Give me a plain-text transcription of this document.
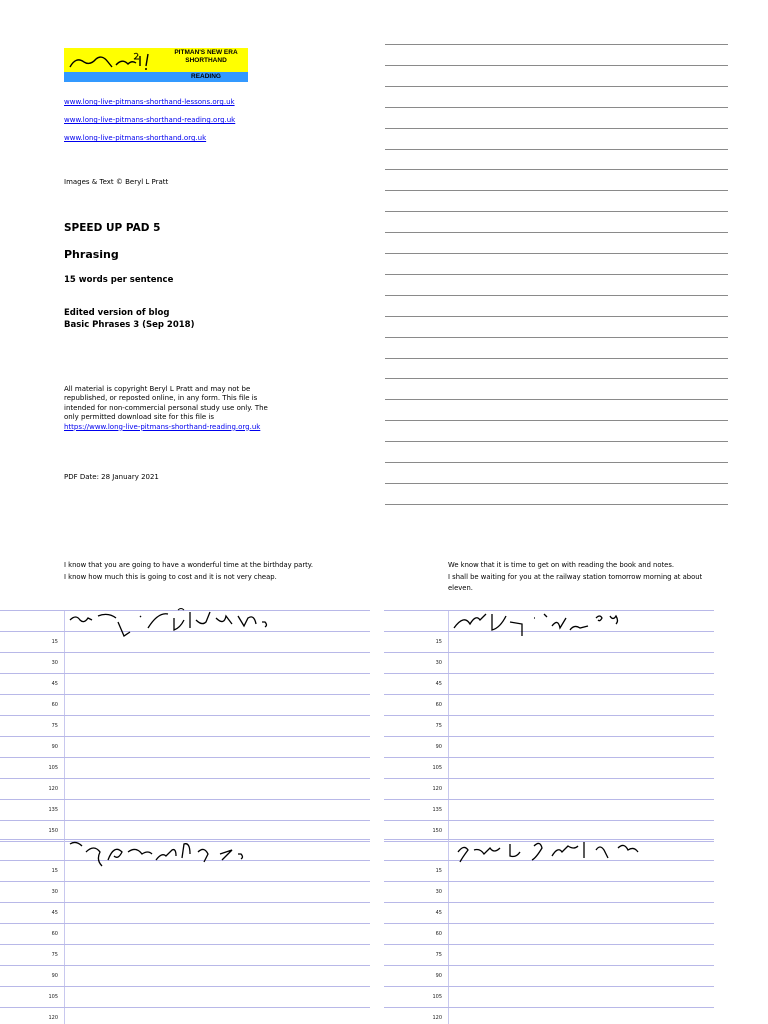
PITMAN'S NEW ERA
SHORTHAND
READING
www.long-live-pitmans-shorthand-lessons.org.uk
www.long-live-pitmans-shorthand-reading.org.uk
www.long-live-pitmans-shorthand.org.uk
Images & Text © Beryl L Pratt
SPEED UP PAD 5
Phrasing
15 words per sentence
Edited version of blog
Basic Phrases 3 (Sep 2018)
All material is copyright Beryl L Pratt and may not be
republished, or reposted online, in any form. This file is
intended for non-commercial personal study use only. The
only permitted download site for this file is
https://www.long-live-pitmans-shorthand-reading.org.uk
PDF Date: 28 January 2021
I know that you are going to have a wonderful time at the birthday party.
I know how much this is going to cost and it is not very cheap.
We know that it is time to get on with reading the book and notes.
I shall be waiting for you at the railway station tomorrow morning at about
eleven.
15
30
45
60
75
90
105
120
135
150
15
30
45
60
75
90
105
120
135
150
15
30
45
60
75
90
105
120
15
30
45
60
75
90
105
120
